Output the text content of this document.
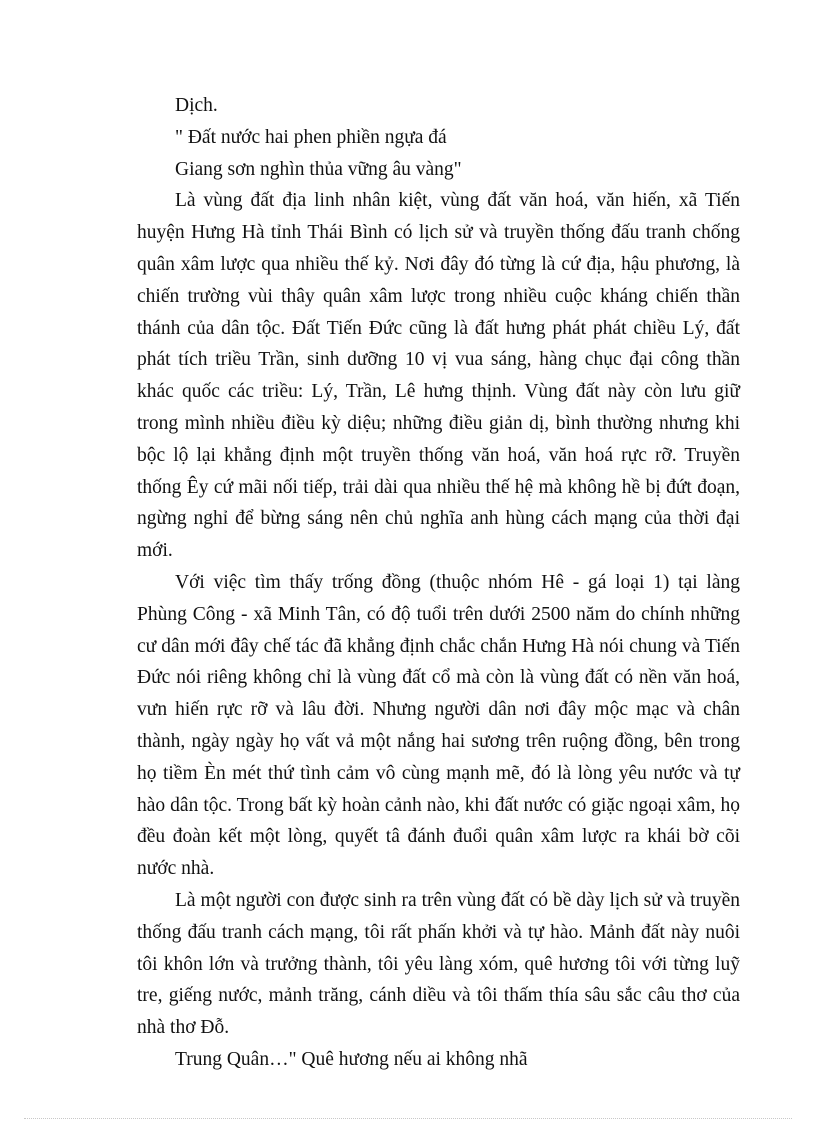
Dịch.
" Đất nước hai phen phiền ngựa đá
Giang sơn nghìn thủa vững âu vàng"

Là vùng đất địa linh nhân kiệt, vùng đất văn hoá, văn hiến, xã Tiến huyện Hưng Hà tỉnh Thái Bình có lịch sử và truyền thống đấu tranh chống quân xâm lược qua nhiều thế kỷ. Nơi đây đó từng là cứ địa, hậu phương, là chiến trường vùi thây quân xâm lược trong nhiều cuộc kháng chiến thần thánh của dân tộc. Đất Tiến Đức cũng là đất hưng phát phát chiều Lý, đất phát tích triều Trần, sinh dưỡng 10 vị vua sáng, hàng chục đại công thần khác quốc các triều: Lý, Trần, Lê hưng thịnh. Vùng đất này còn lưu giữ trong mình nhiều điều kỳ diệu; những điều giản dị, bình thường nhưng khi bộc lộ lại khẳng định một truyền thống văn hoá, văn hoá rực rỡ. Truyền thống Êy cứ mãi nối tiếp, trải dài qua nhiều thế hệ mà không hề bị đứt đoạn, ngừng nghỉ để bừng sáng nên chủ nghĩa anh hùng cách mạng của thời đại mới.

Với việc tìm thấy trống đồng (thuộc nhóm Hê - gá loại 1) tại làng Phùng Công - xã Minh Tân, có độ tuổi trên dưới 2500 năm do chính những cư dân mới đây chế tác đã khẳng định chắc chắn Hưng Hà nói chung và Tiến Đức nói riêng không chỉ là vùng đất cổ mà còn là vùng đất có nền văn hoá, vưn hiến rực rỡ và lâu đời. Nhưng người dân nơi đây mộc mạc và chân thành, ngày ngày họ vất vả một nắng hai sương trên ruộng đồng, bên trong họ tiềm Èn mét thứ tình cảm vô cùng mạnh mẽ, đó là lòng yêu nước và tự hào dân tộc. Trong bất kỳ hoàn cảnh nào, khi đất nước có giặc ngoại xâm, họ đều đoàn kết một lòng, quyết tâ đánh đuổi quân xâm lược ra khái bờ cõi nước nhà.

Là một người con được sinh ra trên vùng đất có bề dày lịch sử và truyền thống đấu tranh cách mạng, tôi rất phấn khởi và tự hào. Mảnh đất này nuôi tôi khôn lớn và trưởng thành, tôi yêu làng xóm, quê hương tôi với từng luỹ tre, giếng nước, mảnh trăng, cánh diều và tôi thấm thía sâu sắc câu thơ của nhà thơ Đỗ.

Trung Quân…" Quê hương nếu ai không nhã
